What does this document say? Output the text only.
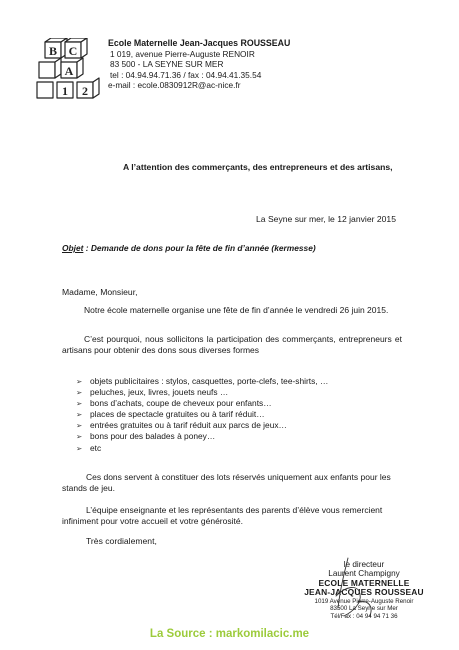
B C
A
1 2
Ecole Maternelle Jean-Jacques ROUSSEAU
1 019, avenue Pierre-Auguste RENOIR
83 500 - LA SEYNE SUR MER
tel : 04.94.94.71.36 / fax : 04.94.41.35.54
e-mail : ecole.0830912R@ac-nice.fr
A l’attention des commerçants, des entrepreneurs et des artisans,
La Seyne sur mer, le 12 janvier 2015
Objet : Demande de dons pour la fête de fin d’année (kermesse)
Madame, Monsieur,
Notre école maternelle organise une fête de fin d’année le vendredi 26 juin 2015.
C’est pourquoi, nous sollicitons la participation des commerçants, entrepreneurs et artisans pour obtenir des dons sous diverses formes
➢ objets publicitaires : stylos, casquettes, porte-clefs, tee-shirts, …
➢ peluches, jeux, livres, jouets neufs …
➢ bons d’achats, coupe de cheveux pour enfants…
➢ places de spectacle gratuites ou à tarif réduit…
➢ entrées gratuites ou à tarif réduit aux parcs de jeux…
➢ bons pour des balades à poney…
➢ etc
Ces dons servent à constituer des lots réservés uniquement aux enfants pour les stands de jeu.
L’équipe enseignante et les représentants des parents d’élève vous remercient infiniment pour votre accueil et votre générosité.
Très cordialement,
le directeur
Laurent Champigny
ECOLE MATERNELLE
JEAN-JACQUES ROUSSEAU
1019 Avenue Pierre-Auguste Renoir
83500 La Seyne sur Mer
Tél/Fax : 04 94 94 71 36
La Source : markomilacic.me
